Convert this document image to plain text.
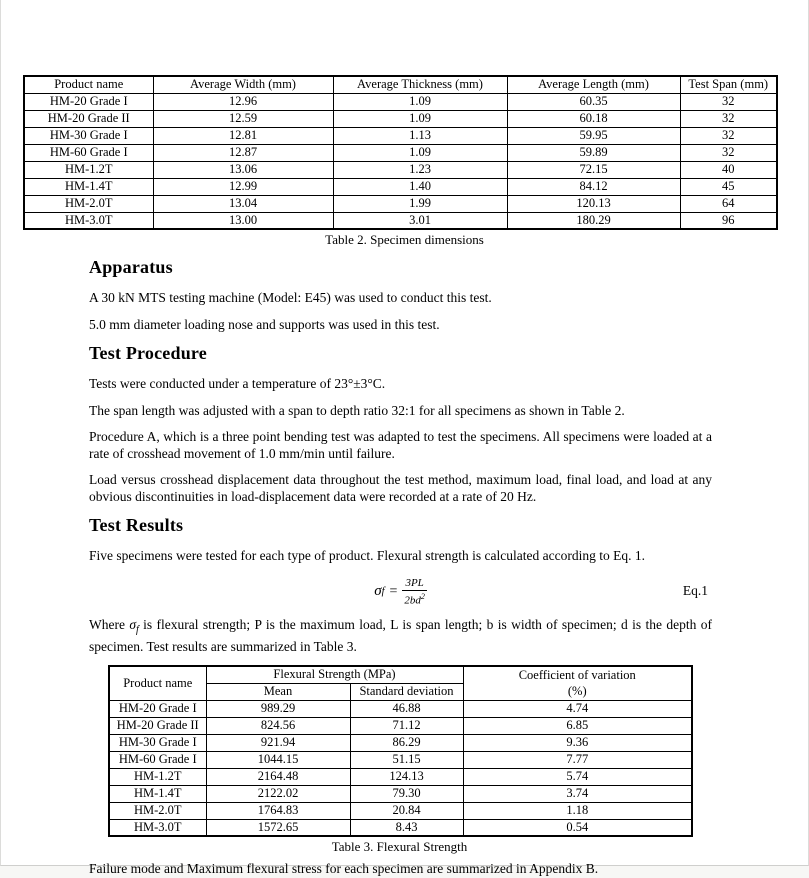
Product name	Average Width (mm)	Average Thickness (mm)	Average Length (mm)	Test Span (mm)
HM-20 Grade I	12.96	1.09	60.35	32
HM-20 Grade II	12.59	1.09	60.18	32
HM-30 Grade I	12.81	1.13	59.95	32
HM-60 Grade I	12.87	1.09	59.89	32
HM-1.2T	13.06	1.23	72.15	40
HM-1.4T	12.99	1.40	84.12	45
HM-2.0T	13.04	1.99	120.13	64
HM-3.0T	13.00	3.01	180.29	96
Table 2. Specimen dimensions
Apparatus

A 30 kN MTS testing machine (Model: E45) was used to conduct this test.

5.0 mm diameter loading nose and supports was used in this test.

Test Procedure

Tests were conducted under a temperature of 23°±3°C.

The span length was adjusted with a span to depth ratio 32:1 for all specimens as shown in Table 2.

Procedure A, which is a three point bending test was adapted to test the specimens. All specimens were loaded at a rate of crosshead movement of 1.0 mm/min until failure.

Load versus crosshead displacement data throughout the test method, maximum load, final load, and load at any obvious discontinuities in load-displacement data were recorded at a rate of 20 Hz.

Test Results

Five specimens were tested for each type of product. Flexural strength is calculated according to Eq. 1.

σ $f = \frac{3PL}{2bd^2}$	Eq.1

Where $\sigma_f$ is flexural strength; P is the maximum load, L is span length; b is width of specimen; d is the depth of specimen. Test results are summarized in Table 3.

Product name	Flexural Strength (MPa)		Coefficient of variation
(%)
	Mean	Standard deviation	
HM-20 Grade I	989.29	46.88	4.74
HM-20 Grade II	824.56	71.12	6.85
HM-30 Grade I	921.94	86.29	9.36
HM-60 Grade I	1044.15	51.15	7.77
HM-1.2T	2164.48	124.13	5.74
HM-1.4T	2122.02	79.30	3.74
HM-2.0T	1764.83	20.84	1.18
HM-3.0T	1572.65	8.43	0.54
Table 3. Flexural Strength

Failure mode and Maximum flexural stress for each specimen are summarized in Appendix B.
